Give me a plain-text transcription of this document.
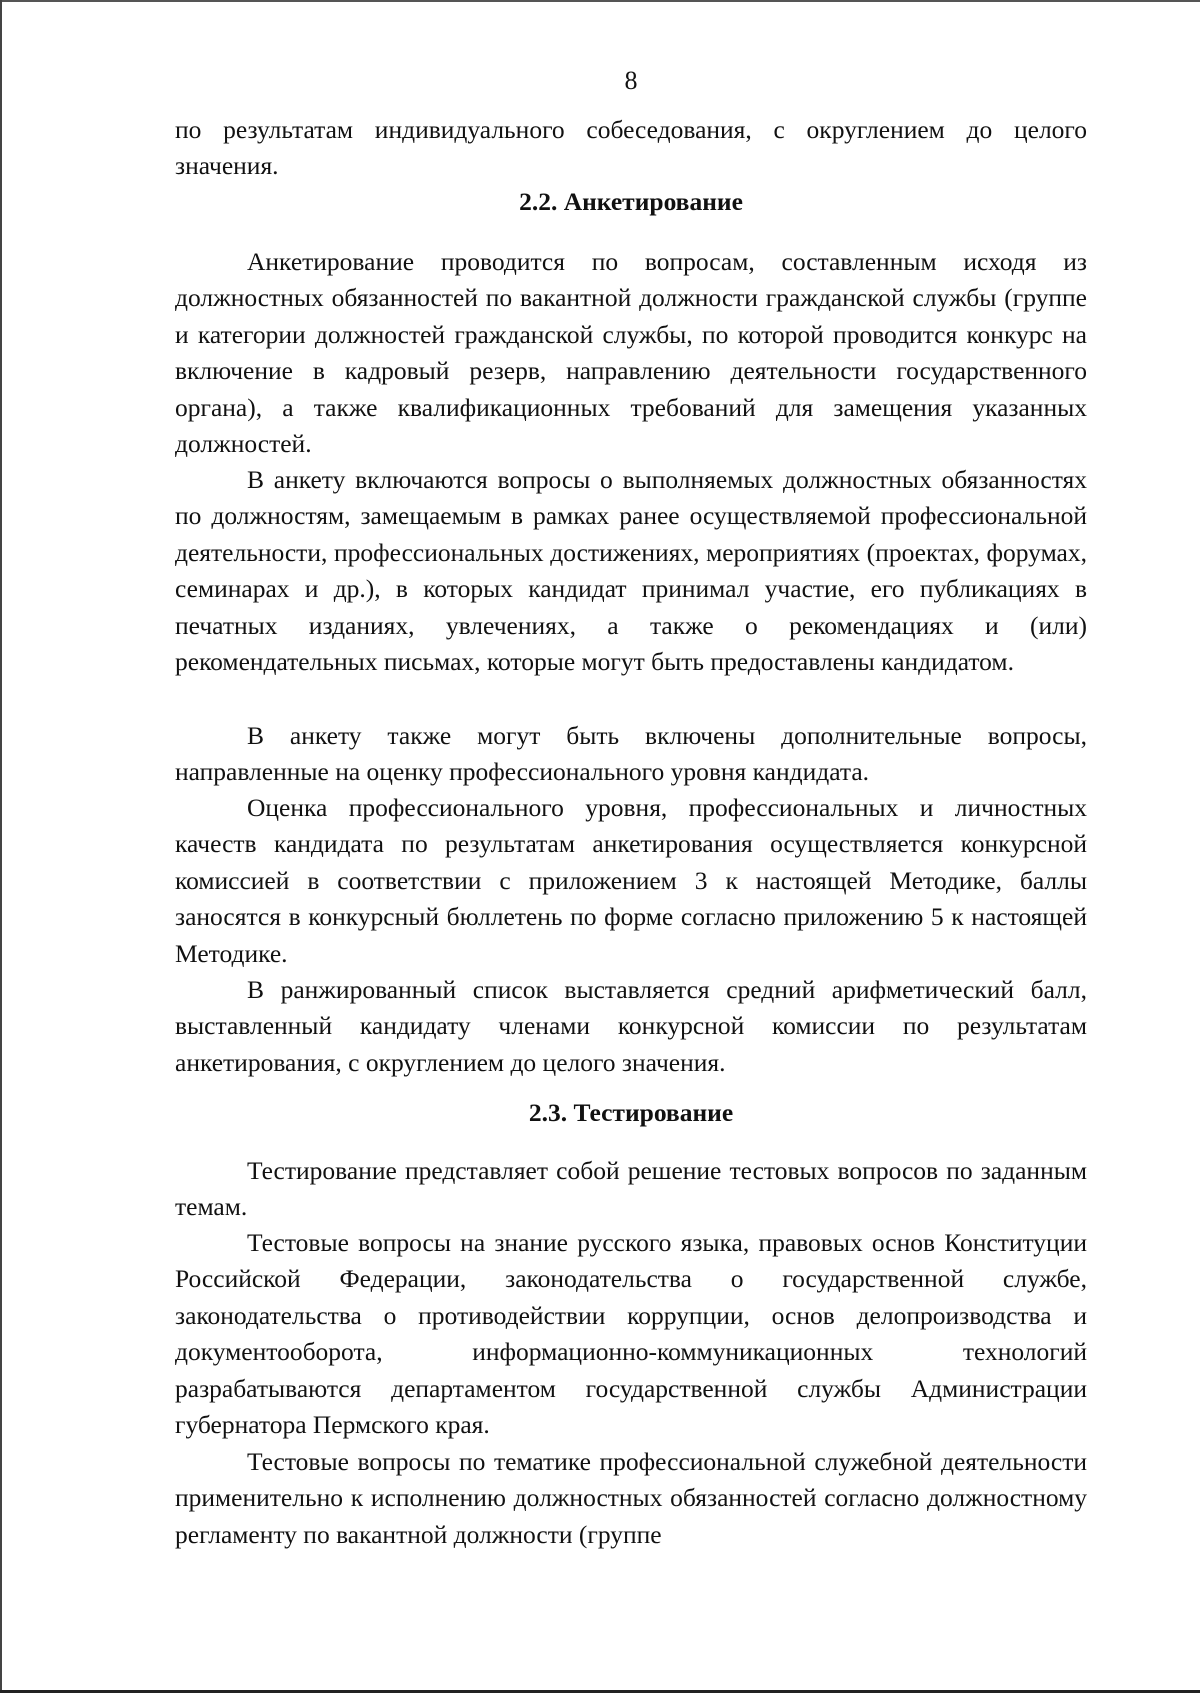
8
по результатам индивидуального собеседования, с округлением до целого значения.
2.2. Анкетирование
Анкетирование проводится по вопросам, составленным исходя из должностных обязанностей по вакантной должности гражданской службы (группе и категории должностей гражданской службы, по которой проводится конкурс на включение в кадровый резерв, направлению деятельности государственного органа), а также квалификационных требований для замещения указанных должностей.
В анкету включаются вопросы о выполняемых должностных обязанностях по должностям, замещаемым в рамках ранее осуществляемой профессиональной деятельности, профессиональных достижениях, мероприятиях (проектах, форумах, семинарах и др.), в которых кандидат принимал участие, его публикациях в печатных изданиях, увлечениях, а также о рекомендациях и (или) рекомендательных письмах, которые могут быть предоставлены кандидатом.
В анкету также могут быть включены дополнительные вопросы, направленные на оценку профессионального уровня кандидата.
Оценка профессионального уровня, профессиональных и личностных качеств кандидата по результатам анкетирования осуществляется конкурсной комиссией в соответствии с приложением 3 к настоящей Методике, баллы заносятся в конкурсный бюллетень по форме согласно приложению 5 к настоящей Методике.
В ранжированный список выставляется средний арифметический балл, выставленный кандидату членами конкурсной комиссии по результатам анкетирования, с округлением до целого значения.
2.3. Тестирование
Тестирование представляет собой решение тестовых вопросов по заданным темам.
Тестовые вопросы на знание русского языка, правовых основ Конституции Российской Федерации, законодательства о государственной службе, законодательства о противодействии коррупции, основ делопроизводства и документооборота, информационно-коммуникационных технологий разрабатываются департаментом государственной службы Администрации губернатора Пермского края.
Тестовые вопросы по тематике профессиональной служебной деятельности применительно к исполнению должностных обязанностей согласно должностному регламенту по вакантной должности (группе
